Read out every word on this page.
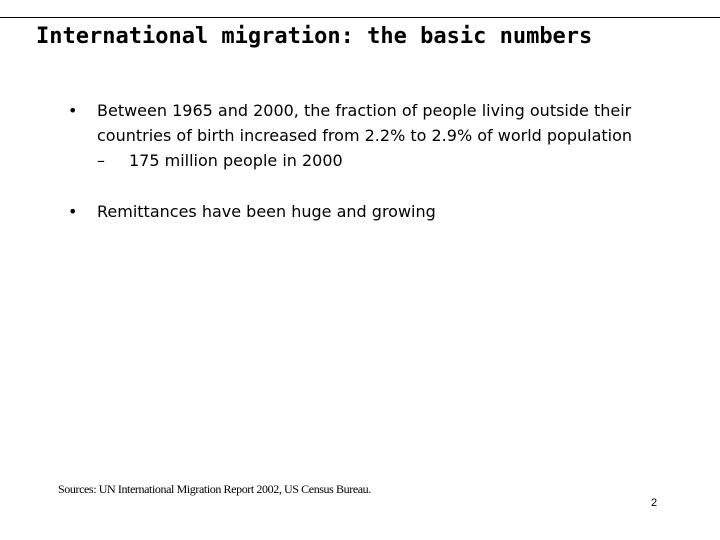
International migration: the basic numbers
• Between 1965 and 2000, the fraction of people living outside their countries of birth increased from 2.2% to 2.9% of world population
– 175 million people in 2000
• Remittances have been huge and growing
Sources: UN International Migration Report 2002, US Census Bureau.
2
